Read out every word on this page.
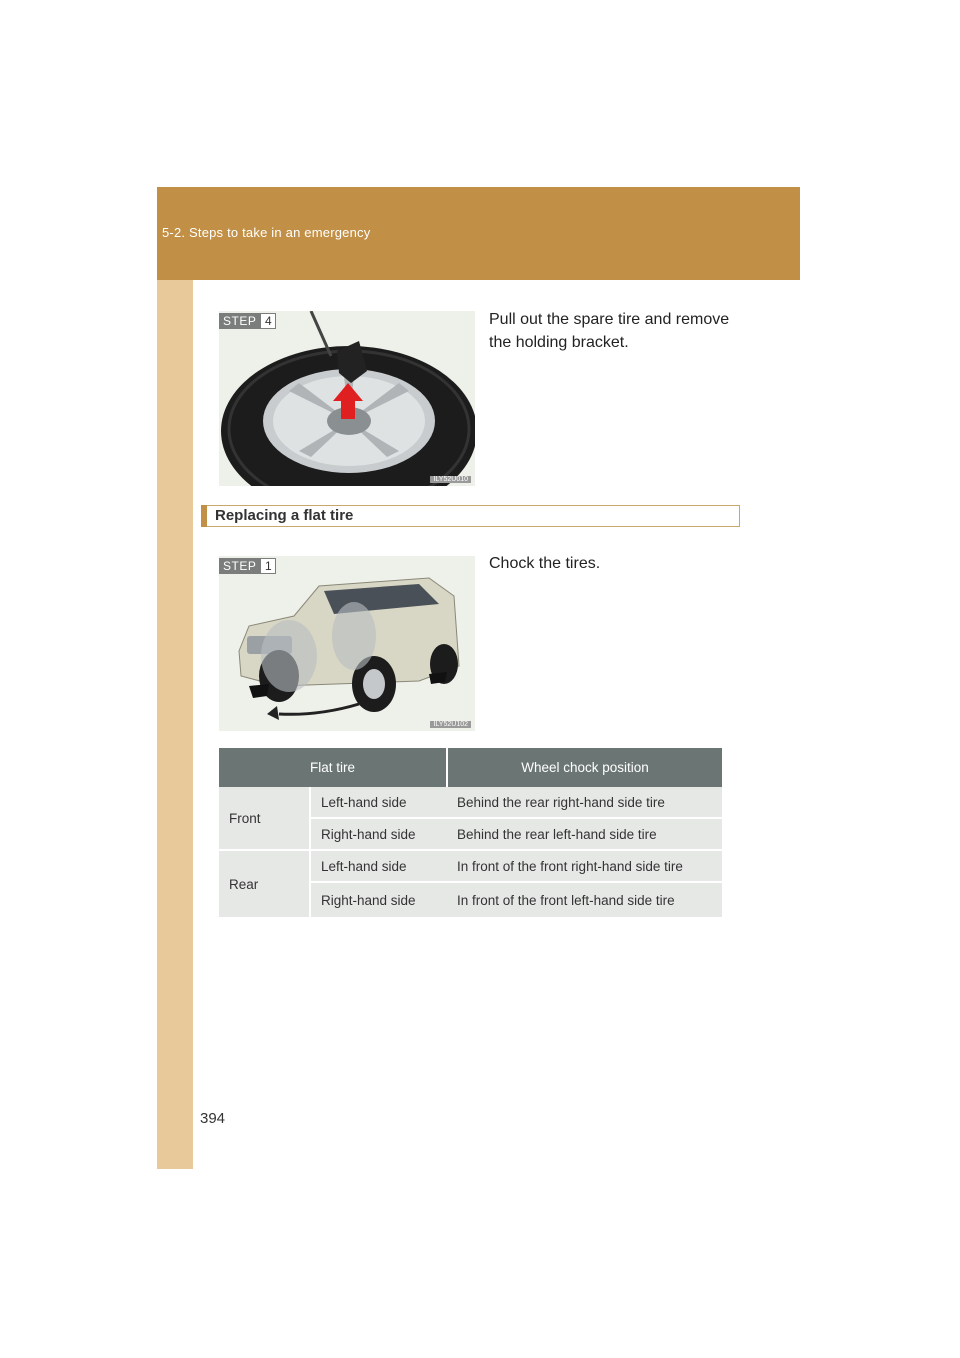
5-2. Steps to take in an emergency
ILY52U010
STEP 4	Pull out the spare tire and remove the holding bracket.
Replacing a flat tire
ILY52U102
STEP 1	Chock the tires.
Flat tire		Wheel chock position
Front	Left-hand side	Behind the rear right-hand side tire
	Right-hand side	Behind the rear left-hand side tire
Rear	Left-hand side	In front of the front right-hand side tire
	Right-hand side	In front of the front left-hand side tire
394
